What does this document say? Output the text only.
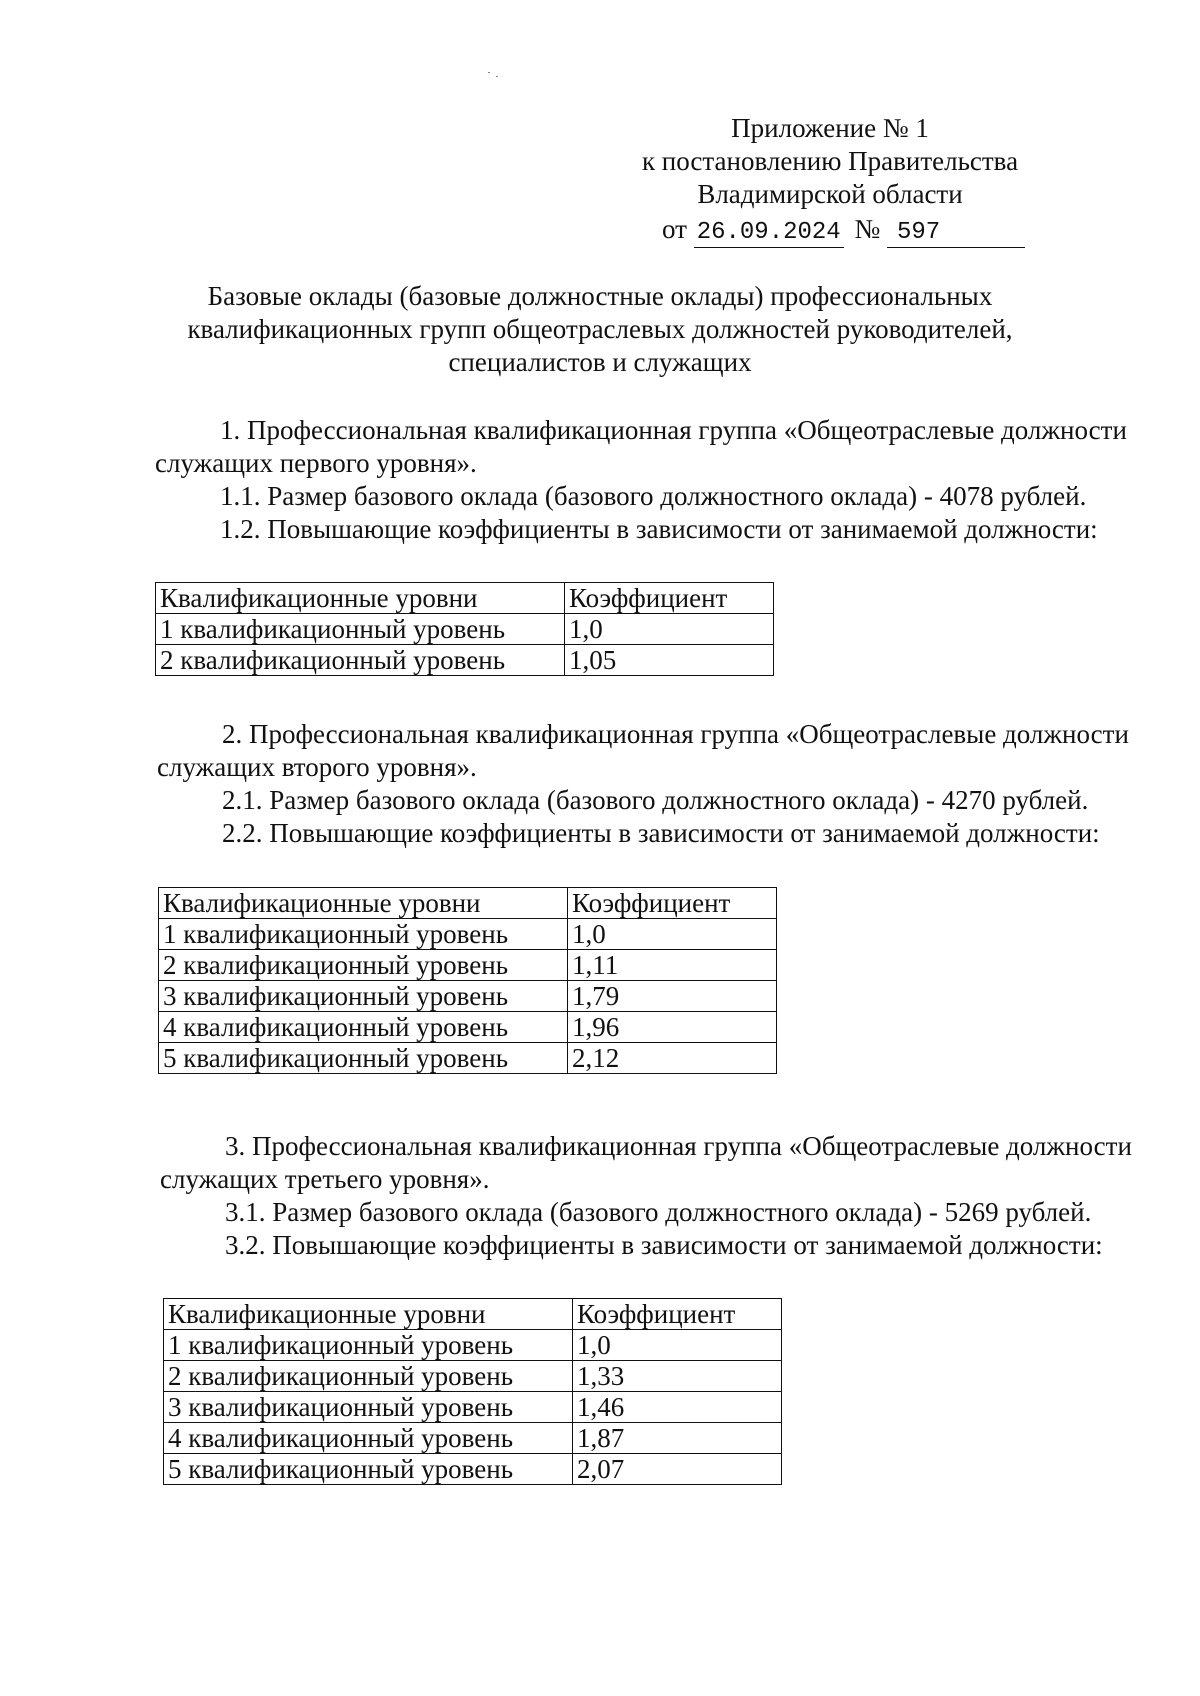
Приложение № 1
к постановлению Правительства
Владимирской области
от 26.09.2024 № 597
Базовые оклады (базовые должностные оклады) профессиональных
квалификационных групп общеотраслевых должностей руководителей,
специалистов и служащих
1. Профессиональная квалификационная группа «Общеотраслевые должности
служащих первого уровня».
1.1. Размер базового оклада (базового должностного оклада) - 4078 рублей.
1.2. Повышающие коэффициенты в зависимости от занимаемой должности:
Квалификационные уровни	Коэффициент
1 квалификационный уровень	1,0
2 квалификационный уровень	1,05
2. Профессиональная квалификационная группа «Общеотраслевые должности
служащих второго уровня».
2.1. Размер базового оклада (базового должностного оклада) - 4270 рублей.
2.2. Повышающие коэффициенты в зависимости от занимаемой должности:
Квалификационные уровни	Коэффициент
1 квалификационный уровень	1,0
2 квалификационный уровень	1,11
3 квалификационный уровень	1,79
4 квалификационный уровень	1,96
5 квалификационный уровень	2,12
3. Профессиональная квалификационная группа «Общеотраслевые должности
служащих третьего уровня».
3.1. Размер базового оклада (базового должностного оклада) - 5269 рублей.
3.2. Повышающие коэффициенты в зависимости от занимаемой должности:
Квалификационные уровни	Коэффициент
1 квалификационный уровень	1,0
2 квалификационный уровень	1,33
3 квалификационный уровень	1,46
4 квалификационный уровень	1,87
5 квалификационный уровень	2,07
